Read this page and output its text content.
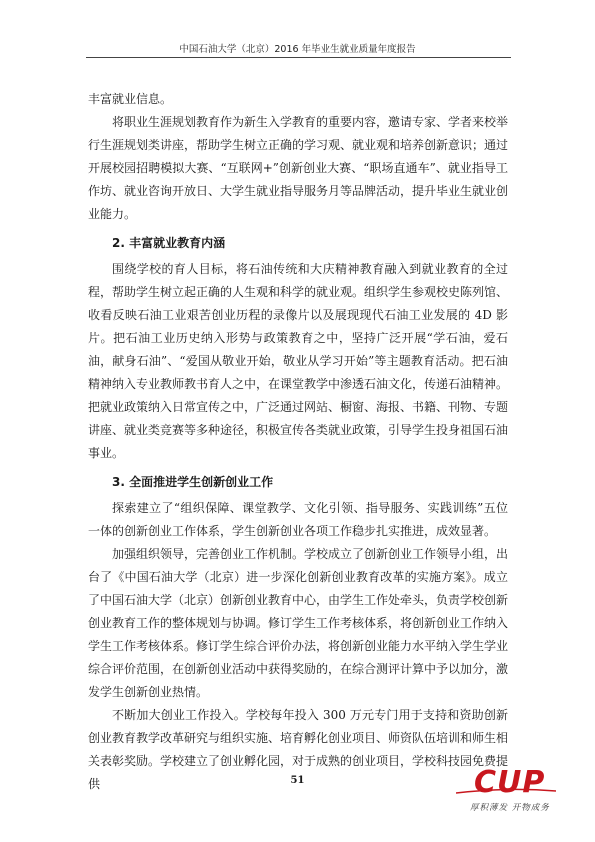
中国石油大学（北京）2016 年毕业生就业质量年度报告

丰富就业信息。

将职业生涯规划教育作为新生入学教育的重要内容，邀请专家、学者来校举行生涯规划类讲座，帮助学生树立正确的学习观、就业观和培养创新意识；通过开展校园招聘模拟大赛、“互联网+”创新创业大赛、“职场直通车”、就业指导工作坊、就业咨询开放日、大学生就业指导服务月等品牌活动，提升毕业生就业创业能力。

2. 丰富就业教育内涵

围绕学校的育人目标，将石油传统和大庆精神教育融入到就业教育的全过程，帮助学生树立起正确的人生观和科学的就业观。组织学生参观校史陈列馆、收看反映石油工业艰苦创业历程的录像片以及展现现代石油工业发展的 4D 影片。把石油工业历史纳入形势与政策教育之中，坚持广泛开展“学石油，爱石油，献身石油”、“爱国从敬业开始，敬业从学习开始”等主题教育活动。把石油精神纳入专业教师教书育人之中，在课堂教学中渗透石油文化，传递石油精神。把就业政策纳入日常宣传之中，广泛通过网站、橱窗、海报、书籍、刊物、专题讲座、就业类竞赛等多种途径，积极宣传各类就业政策，引导学生投身祖国石油事业。

3. 全面推进学生创新创业工作

探索建立了“组织保障、课堂教学、文化引领、指导服务、实践训练”五位一体的创新创业工作体系，学生创新创业各项工作稳步扎实推进，成效显著。

加强组织领导，完善创业工作机制。学校成立了创新创业工作领导小组，出台了《中国石油大学（北京）进一步深化创新创业教育改革的实施方案》。成立了中国石油大学（北京）创新创业教育中心，由学生工作处牵头，负责学校创新创业教育工作的整体规划与协调。修订学生工作考核体系，将创新创业工作纳入学生工作考核体系。修订学生综合评价办法，将创新创业能力水平纳入学生学业综合评价范围，在创新创业活动中获得奖励的，在综合测评计算中予以加分，激发学生创新创业热情。

不断加大创业工作投入。学校每年投入 300 万元专门用于支持和资助创新创业教育教学改革研究与组织实施、培育孵化创业项目、师资队伍培训和师生相关表彰奖励。学校建立了创业孵化园，对于成熟的创业项目，学校科技园免费提供	51	CUP
厚积薄发 开物成务
